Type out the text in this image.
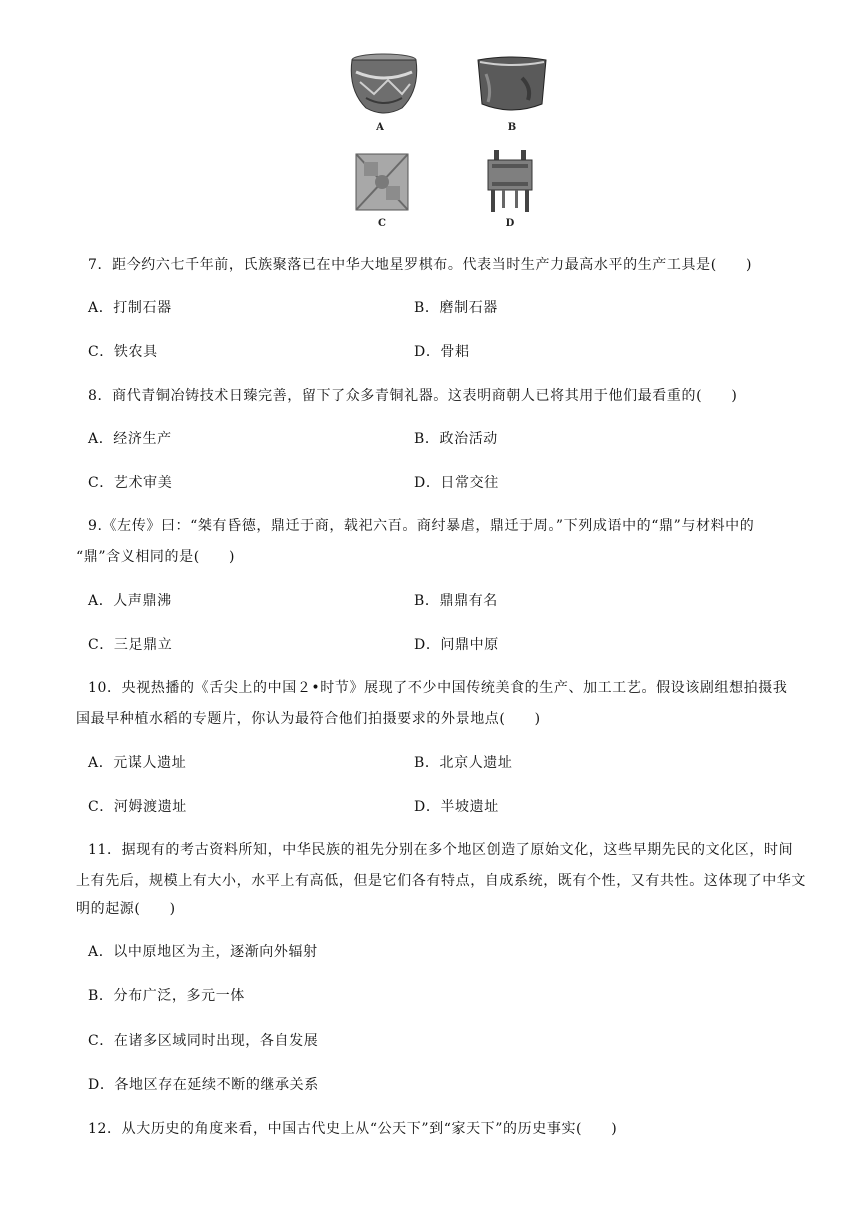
A	B
C	D
7．距今约六七千年前，氏族聚落已在中华大地星罗棋布。代表当时生产力最高水平的生产工具是(　　)
A．打制石器	B．磨制石器
C．铁农具	D．骨耜
8．商代青铜冶铸技术日臻完善，留下了众多青铜礼器。这表明商朝人已将其用于他们最看重的(　　)
A．经济生产	B．政治活动
C．艺术审美	D．日常交往
9.《左传》曰：“桀有昏德，鼎迁于商，载祀六百。商纣暴虐，鼎迁于周。”下列成语中的“鼎”与材料中的
“鼎”含义相同的是(　　)
A．人声鼎沸	B．鼎鼎有名
C．三足鼎立	D．问鼎中原
10．央视热播的《舌尖上的中国２•时节》展现了不少中国传统美食的生产、加工工艺。假设该剧组想拍摄我
国最早种植水稻的专题片，你认为最符合他们拍摄要求的外景地点(　　)
A．元谋人遗址	B．北京人遗址
C．河姆渡遗址	D．半坡遗址
11．据现有的考古资料所知，中华民族的祖先分别在多个地区创造了原始文化，这些早期先民的文化区，时间
上有先后，规模上有大小，水平上有高低，但是它们各有特点，自成系统，既有个性，又有共性。这体现了中华文
明的起源(　　)
A．以中原地区为主，逐渐向外辐射
B．分布广泛，多元一体
C．在诸多区域同时出现，各自发展
D．各地区存在延续不断的继承关系
12．从大历史的角度来看，中国古代史上从“公天下”到“家天下”的历史事实(　　)
